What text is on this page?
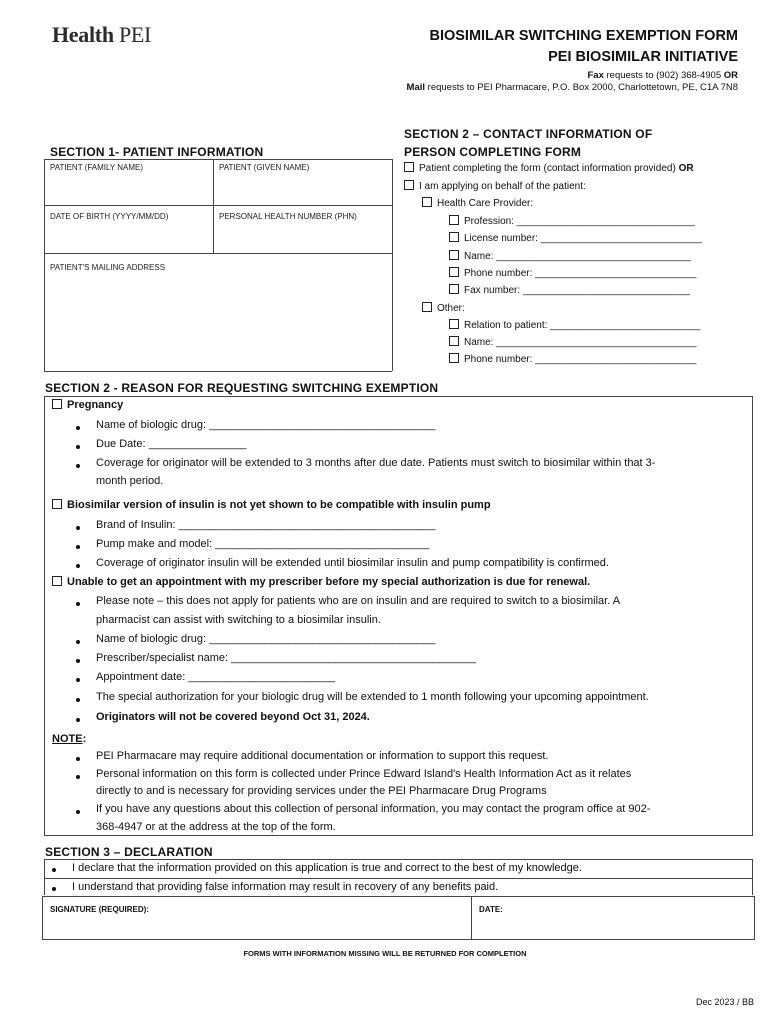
Health PEI	BIOSIMILAR SWITCHING EXEMPTION FORM
PEI BIOSIMILAR INITIATIVE
Fax requests to (902) 368-4905 OR
Mail requests to PEI Pharmacare, P.O. Box 2000, Charlottetown, PE, C1A 7N8
SECTION 1- PATIENT INFORMATION
PATIENT (FAMILY NAME)	PATIENT (GIVEN NAME)
DATE OF BIRTH (YYYY/MM/DD)	PERSONAL HEALTH NUMBER (PHN)
PATIENT'S MAILING ADDRESS
SECTION 2 – CONTACT INFORMATION OF
PERSON COMPLETING FORM
Patient completing the form (contact information provided) OR
I am applying on behalf of the patient:
Health Care Provider:
Profession: ________________________________
License number: _____________________________
Name: ___________________________________
Phone number: _____________________________
Fax number: ______________________________
Other:
Relation to patient: ___________________________
Name: ____________________________________
Phone number: _____________________________
SECTION 2 - REASON FOR REQUESTING SWITCHING EXEMPTION
Pregnancy
Name of biologic drug: _____________________________________
Due Date: ________________
Coverage for originator will be extended to 3 months after due date. Patients must switch to biosimilar within that 3-
month period.
Biosimilar version of insulin is not yet shown to be compatible with insulin pump
Brand of Insulin: __________________________________________
Pump make and model: ___________________________________
Coverage of originator insulin will be extended until biosimilar insulin and pump compatibility is confirmed.
Unable to get an appointment with my prescriber before my special authorization is due for renewal.
Please note – this does not apply for patients who are on insulin and are required to switch to a biosimilar. A
pharmacist can assist with switching to a biosimilar insulin.
Name of biologic drug: _____________________________________
Prescriber/specialist name: ________________________________________
Appointment date: ________________________
The special authorization for your biologic drug will be extended to 1 month following your upcoming appointment.
Originators will not be covered beyond Oct 31, 2024.
NOTE:
PEI Pharmacare may require additional documentation or information to support this request.
Personal information on this form is collected under Prince Edward Island's Health Information Act as it relates
directly to and is necessary for providing services under the PEI Pharmacare Drug Programs
If you have any questions about this collection of personal information, you may contact the program office at 902-
368-4947 or at the address at the top of the form.
SECTION 3 – DECLARATION
I declare that the information provided on this application is true and correct to the best of my knowledge.
I understand that providing false information may result in recovery of any benefits paid.
SIGNATURE (REQUIRED):	DATE:
FORMS WITH INFORMATION MISSING WILL BE RETURNED FOR COMPLETION
Dec 2023 / BB
